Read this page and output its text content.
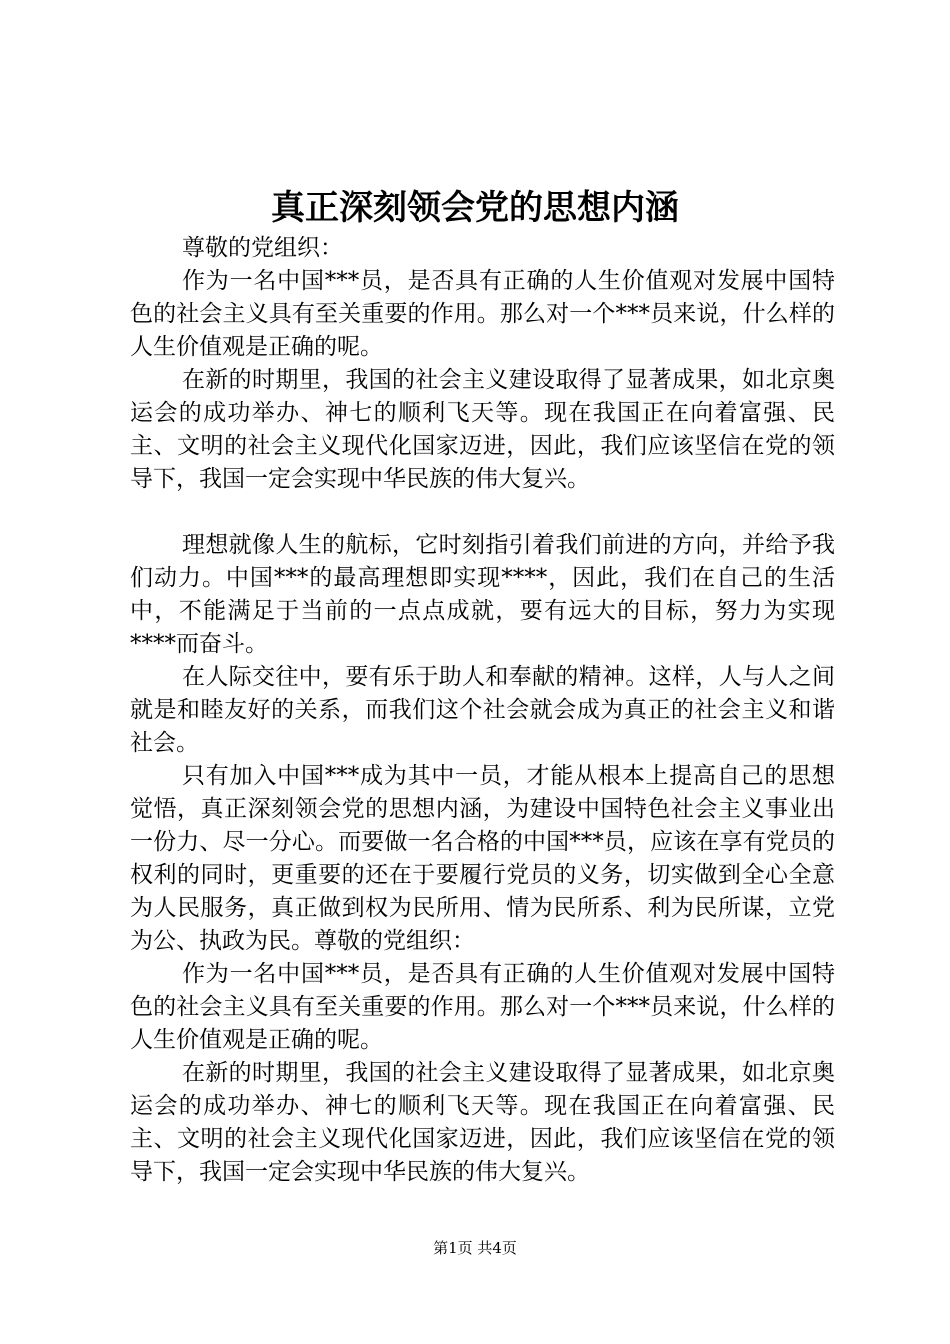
真正深刻领会党的思想内涵

尊敬的党组织：

作为一名中国***员，是否具有正确的人生价值观对发展中国特色的社会主义具有至关重要的作用。那么对一个***员来说，什么样的人生价值观是正确的呢。

在新的时期里，我国的社会主义建设取得了显著成果，如北京奥运会的成功举办、神七的顺利飞天等。现在我国正在向着富强、民主、文明的社会主义现代化国家迈进，因此，我们应该坚信在党的领导下，我国一定会实现中华民族的伟大复兴。

理想就像人生的航标，它时刻指引着我们前进的方向，并给予我们动力。中国***的最高理想即实现****，因此，我们在自己的生活中，不能满足于当前的一点点成就，要有远大的目标，努力为实现****而奋斗。

在人际交往中，要有乐于助人和奉献的精神。这样，人与人之间就是和睦友好的关系，而我们这个社会就会成为真正的社会主义和谐社会。

只有加入中国***成为其中一员，才能从根本上提高自己的思想觉悟，真正深刻领会党的思想内涵，为建设中国特色社会主义事业出一份力、尽一分心。而要做一名合格的中国***员，应该在享有党员的权利的同时，更重要的还在于要履行党员的义务，切实做到全心全意为人民服务，真正做到权为民所用、情为民所系、利为民所谋，立党为公、执政为民。尊敬的党组织：

作为一名中国***员，是否具有正确的人生价值观对发展中国特色的社会主义具有至关重要的作用。那么对一个***员来说，什么样的人生价值观是正确的呢。

在新的时期里，我国的社会主义建设取得了显著成果，如北京奥运会的成功举办、神七的顺利飞天等。现在我国正在向着富强、民主、文明的社会主义现代化国家迈进，因此，我们应该坚信在党的领导下，我国一定会实现中华民族的伟大复兴。

第1页 共4页
